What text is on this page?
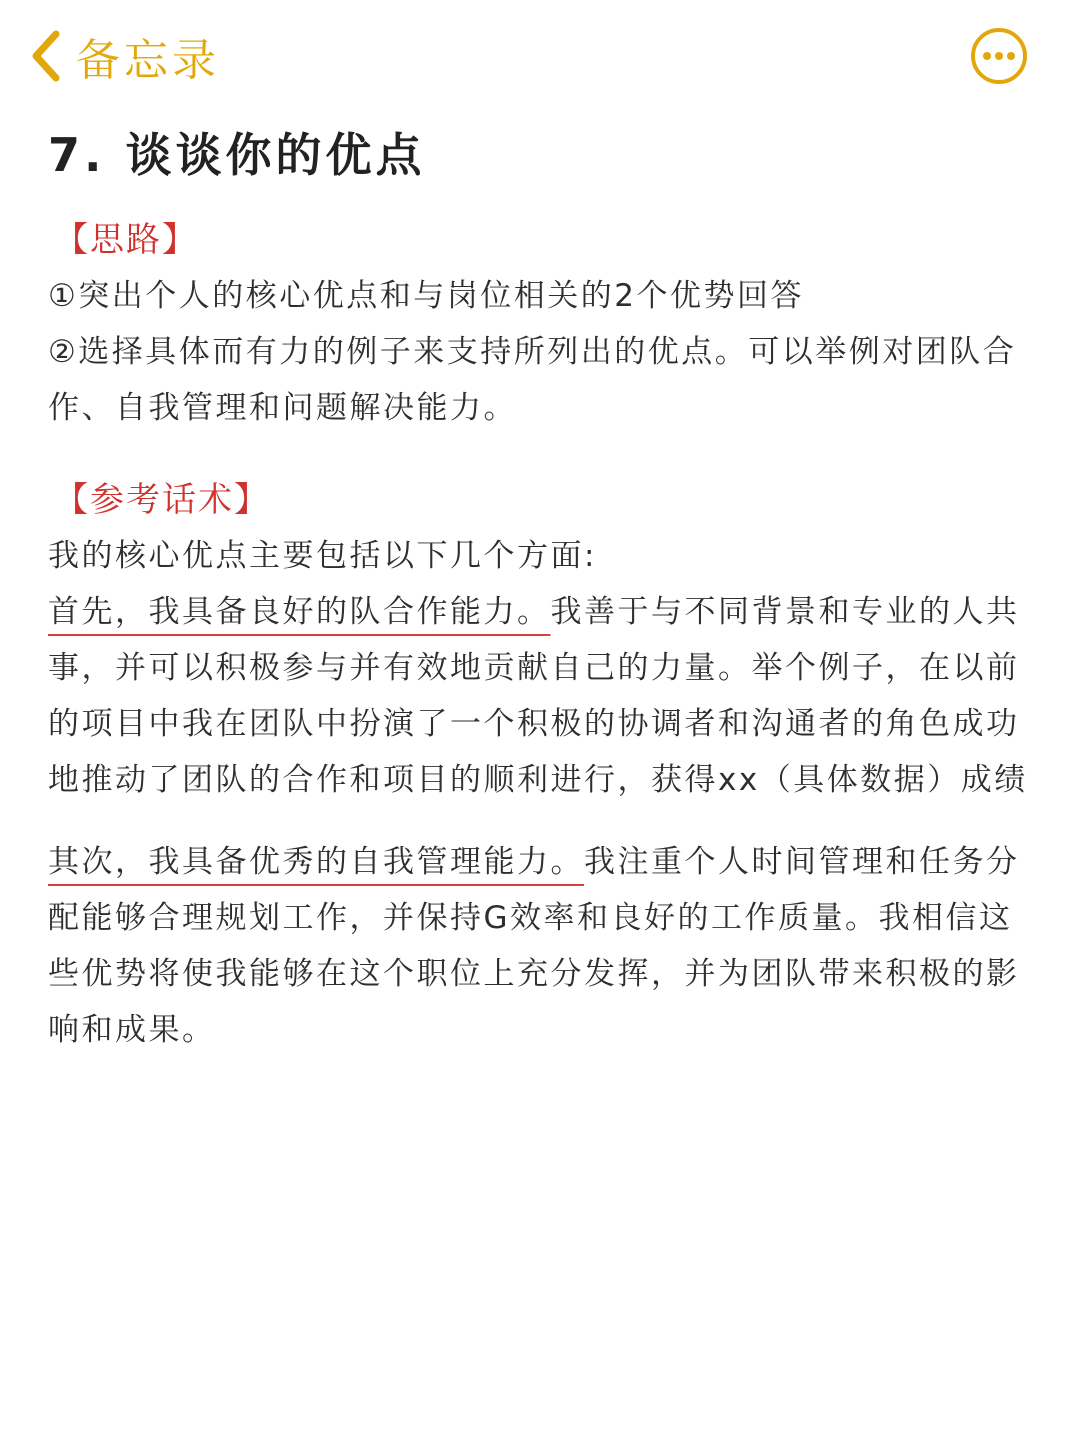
备忘录
7. 谈谈你的优点
【思路】

①突出个人的核心优点和与岗位相关的2个优势回答

②选择具体而有力的例子来支持所列出的优点。可以举例对团队合作、自我管理和问题解决能力。

【参考话术】

我的核心优点主要包括以下几个方面:

首先，我具备良好的队合作能力。我善于与不同背景和专业的人共事，并可以积极参与并有效地贡献自己的力量。举个例子，在以前的项目中我在团队中扮演了一个积极的协调者和沟通者的角色成功地推动了团队的合作和项目的顺利进行，获得xx（具体数据）成绩

其次，我具备优秀的自我管理能力。我注重个人时间管理和任务分配能够合理规划工作，并保持G效率和良好的工作质量。我相信这些优势将使我能够在这个职位上充分发挥，并为团队带来积极的影响和成果。
